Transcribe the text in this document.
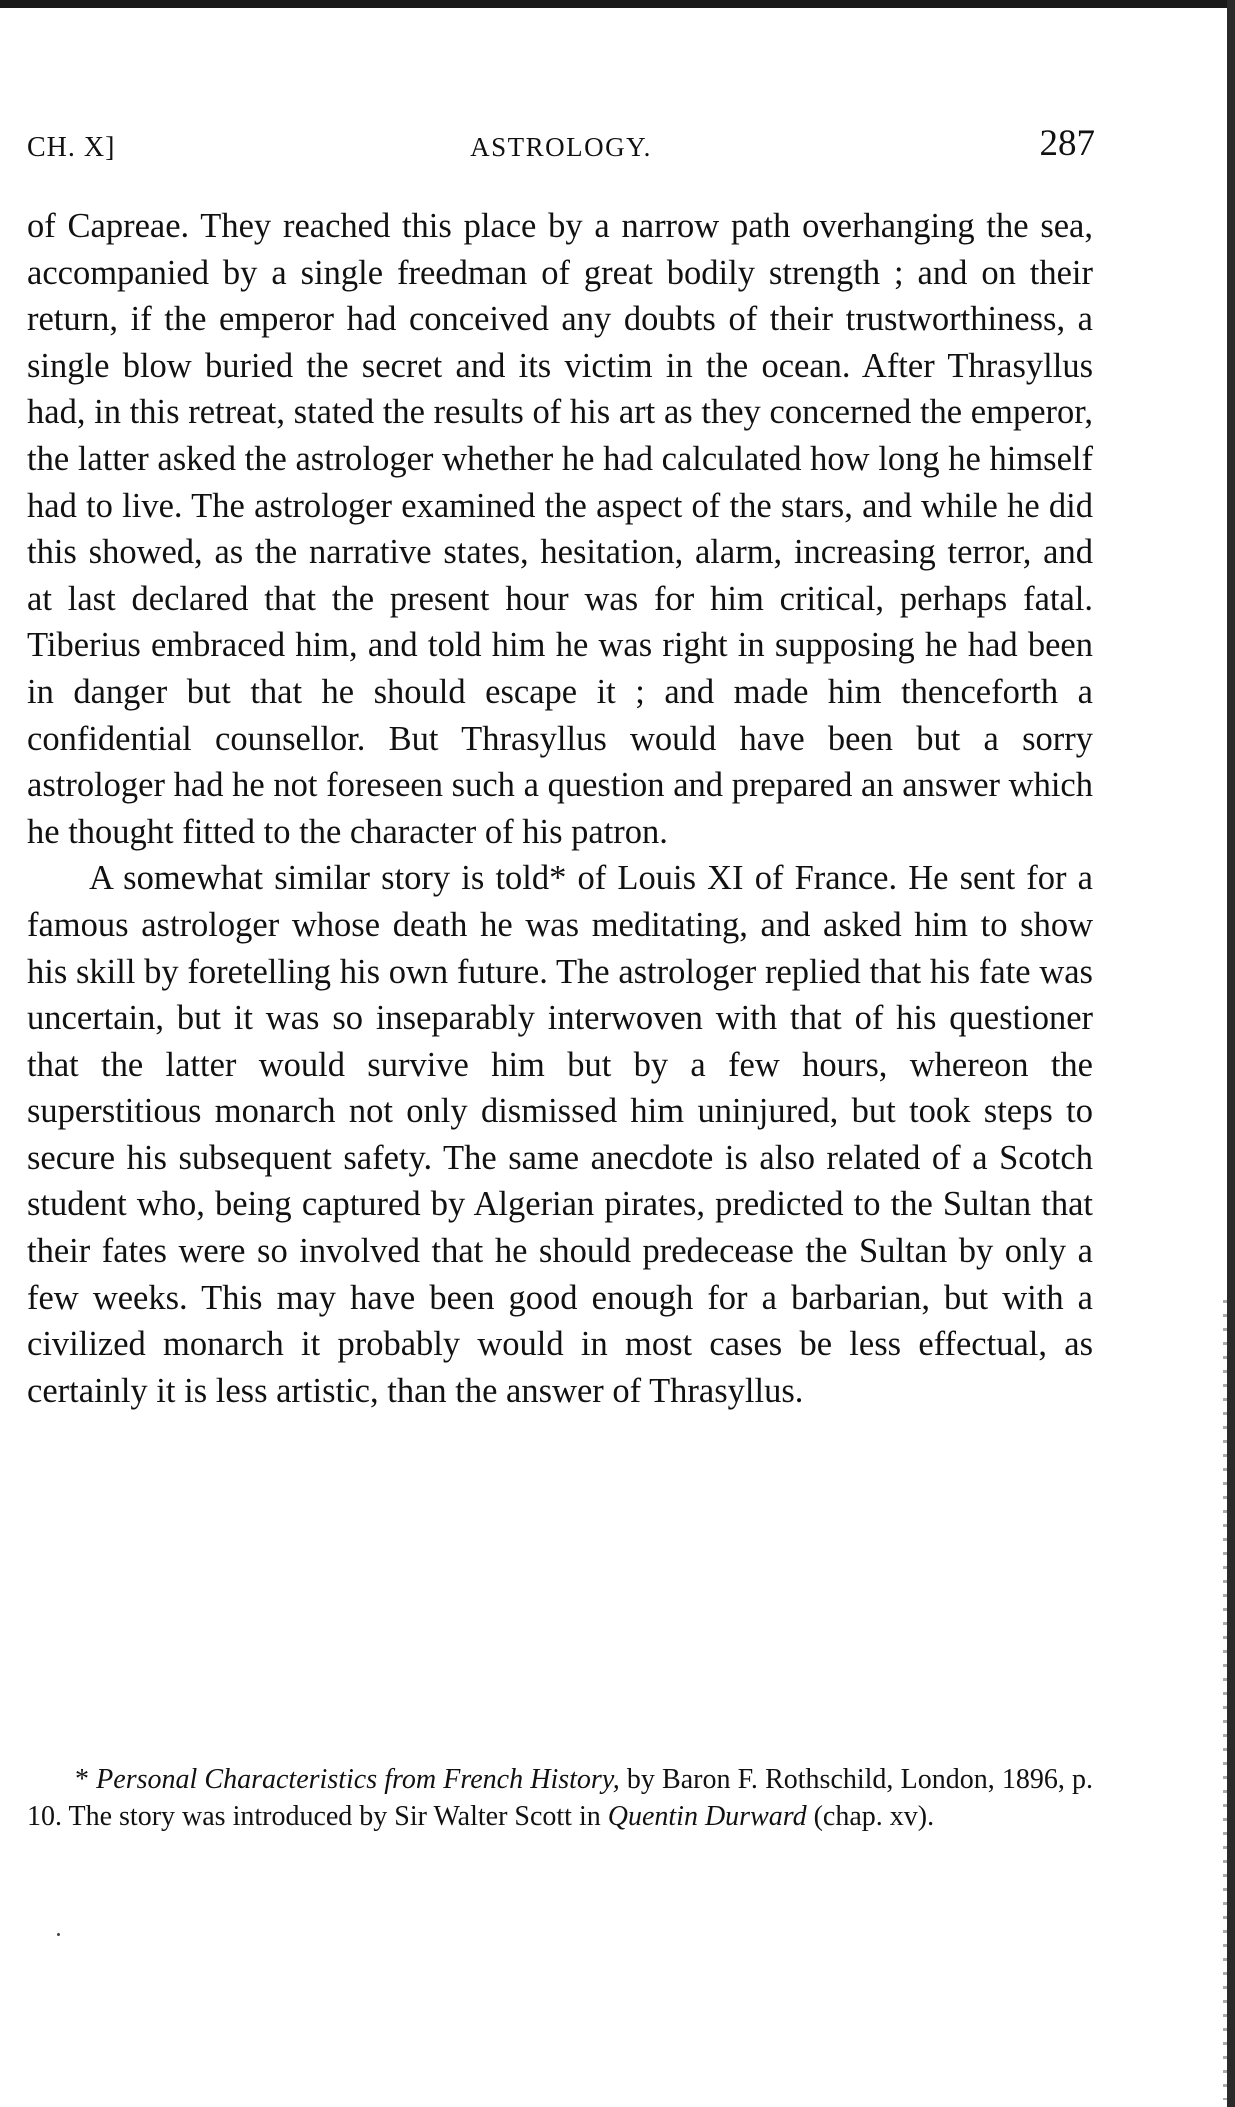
CH. X]	ASTROLOGY.	287

of Capreae. They reached this place by a narrow path overhanging the sea, accompanied by a single freedman of great bodily strength ; and on their return, if the emperor had conceived any doubts of their trustworthiness, a single blow buried the secret and its victim in the ocean. After Thrasyllus had, in this retreat, stated the results of his art as they concerned the emperor, the latter asked the astrologer whether he had calculated how long he himself had to live. The astrologer examined the aspect of the stars, and while he did this showed, as the narrative states, hesitation, alarm, increasing terror, and at last declared that the present hour was for him critical, perhaps fatal. Tiberius embraced him, and told him he was right in supposing he had been in danger but that he should escape it ; and made him thenceforth a confidential counsellor. But Thrasyllus would have been but a sorry astrologer had he not foreseen such a question and prepared an answer which he thought fitted to the character of his patron.

A somewhat similar story is told* of Louis XI of France. He sent for a famous astrologer whose death he was meditating, and asked him to show his skill by foretelling his own future. The astrologer replied that his fate was uncertain, but it was so inseparably interwoven with that of his questioner that the latter would survive him but by a few hours, whereon the superstitious monarch not only dismissed him uninjured, but took steps to secure his subsequent safety. The same anecdote is also related of a Scotch student who, being captured by Algerian pirates, predicted to the Sultan that their fates were so involved that he should predecease the Sultan by only a few weeks. This may have been good enough for a barbarian, but with a civilized monarch it probably would in most cases be less effectual, as certainly it is less artistic, than the answer of Thrasyllus.

* Personal Characteristics from French History, by Baron F. Rothschild, London, 1896, p. 10. The story was introduced by Sir Walter Scott in Quentin Durward (chap. xv).
